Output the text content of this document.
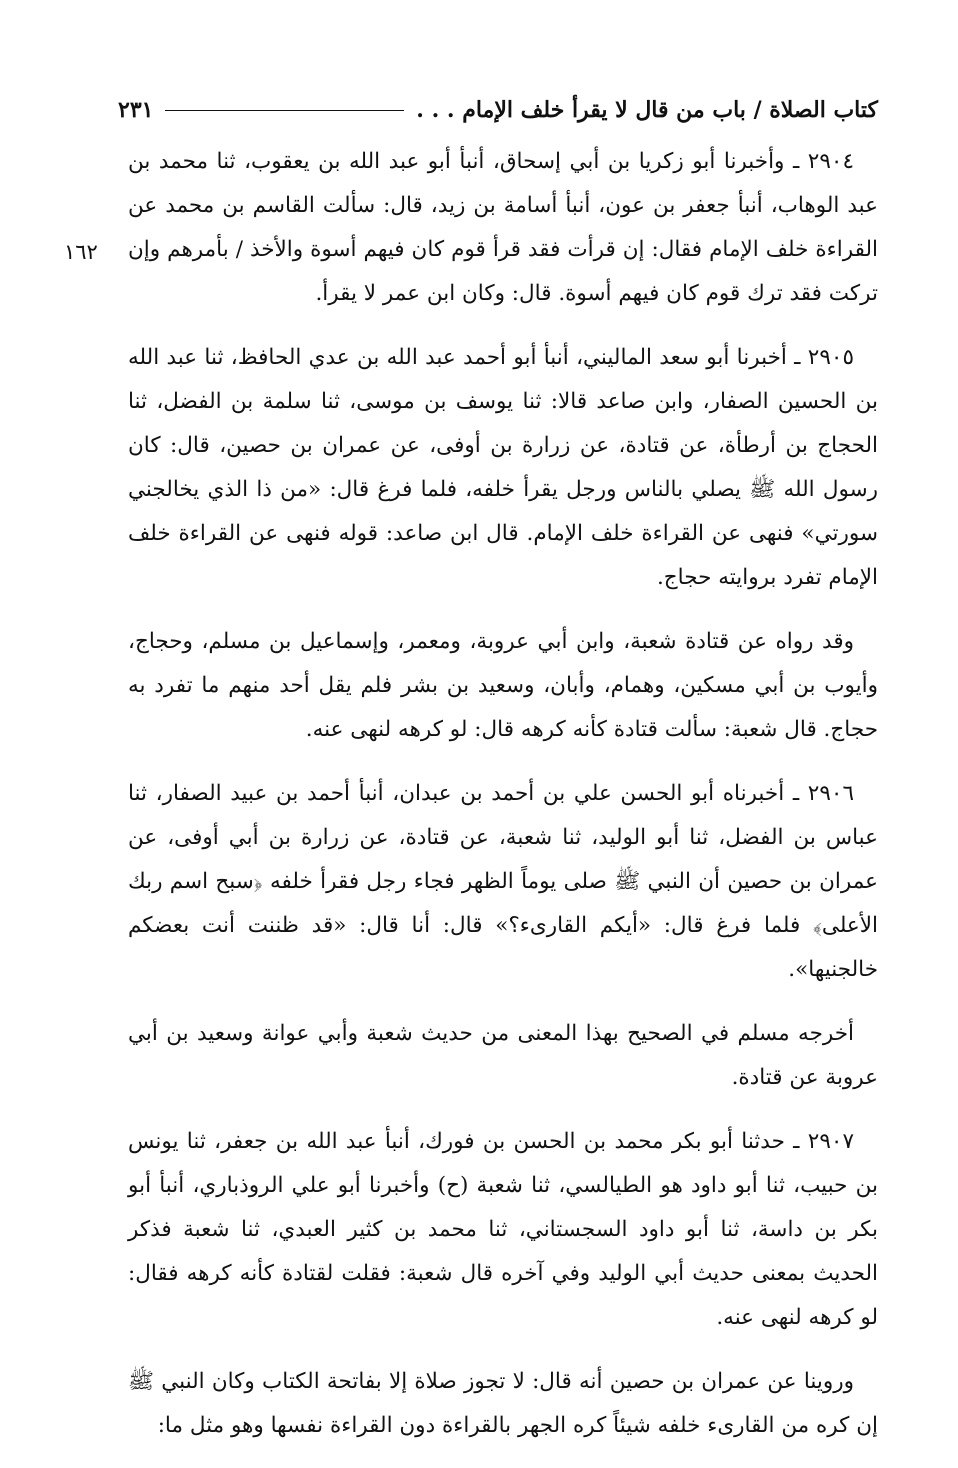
كتاب الصلاة / باب من قال لا يقرأ خلف الإمام . . .
٢٣١
١٦٢

٢٩٠٤ ـ وأخبرنا أبو زكريا بن أبي إسحاق، أنبأ أبو عبد الله بن يعقوب، ثنا محمد بن عبد الوهاب، أنبأ جعفر بن عون، أنبأ أسامة بن زيد، قال: سألت القاسم بن محمد عن القراءة خلف الإمام فقال: إن قرأت فقد قرأ قوم كان فيهم أسوة والأخذ / بأمرهم وإن تركت فقد ترك قوم كان فيهم أسوة. قال: وكان ابن عمر لا يقرأ.

٢٩٠٥ ـ أخبرنا أبو سعد الماليني، أنبأ أبو أحمد عبد الله بن عدي الحافظ، ثنا عبد الله بن الحسين الصفار، وابن صاعد قالا: ثنا يوسف بن موسى، ثنا سلمة بن الفضل، ثنا الحجاج بن أرطأة، عن قتادة، عن زرارة بن أوفى، عن عمران بن حصين، قال: كان رسول الله ﷺ يصلي بالناس ورجل يقرأ خلفه، فلما فرغ قال: «من ذا الذي يخالجني سورتي» فنهى عن القراءة خلف الإمام. قال ابن صاعد: قوله فنهى عن القراءة خلف الإمام تفرد بروايته حجاج.

وقد رواه عن قتادة شعبة، وابن أبي عروبة، ومعمر، وإسماعيل بن مسلم، وحجاج، وأيوب بن أبي مسكين، وهمام، وأبان، وسعيد بن بشر فلم يقل أحد منهم ما تفرد به حجاج. قال شعبة: سألت قتادة كأنه كرهه قال: لو كرهه لنهى عنه.

٢٩٠٦ ـ أخبرناه أبو الحسن علي بن أحمد بن عبدان، أنبأ أحمد بن عبيد الصفار، ثنا عباس بن الفضل، ثنا أبو الوليد، ثنا شعبة، عن قتادة، عن زرارة بن أبي أوفى، عن عمران بن حصين أن النبي ﷺ صلى يوماً الظهر فجاء رجل فقرأ خلفه ﴿سبح اسم ربك الأعلى﴾ فلما فرغ قال: «أيكم القارىء؟» قال: أنا قال: «قد ظننت أنت بعضكم خالجنيها».

أخرجه مسلم في الصحيح بهذا المعنى من حديث شعبة وأبي عوانة وسعيد بن أبي عروبة عن قتادة.

٢٩٠٧ ـ حدثنا أبو بكر محمد بن الحسن بن فورك، أنبأ عبد الله بن جعفر، ثنا يونس بن حبيب، ثنا أبو داود هو الطيالسي، ثنا شعبة (ح) وأخبرنا أبو علي الروذباري، أنبأ أبو بكر بن داسة، ثنا أبو داود السجستاني، ثنا محمد بن كثير العبدي، ثنا شعبة فذكر الحديث بمعنى حديث أبي الوليد وفي آخره قال شعبة: فقلت لقتادة كأنه كرهه فقال: لو كرهه لنهى عنه.

وروينا عن عمران بن حصين أنه قال: لا تجوز صلاة إلا بفاتحة الكتاب وكان النبي ﷺ إن كره من القارىء خلفه شيئاً كره الجهر بالقراءة دون القراءة نفسها وهو مثل ما:
